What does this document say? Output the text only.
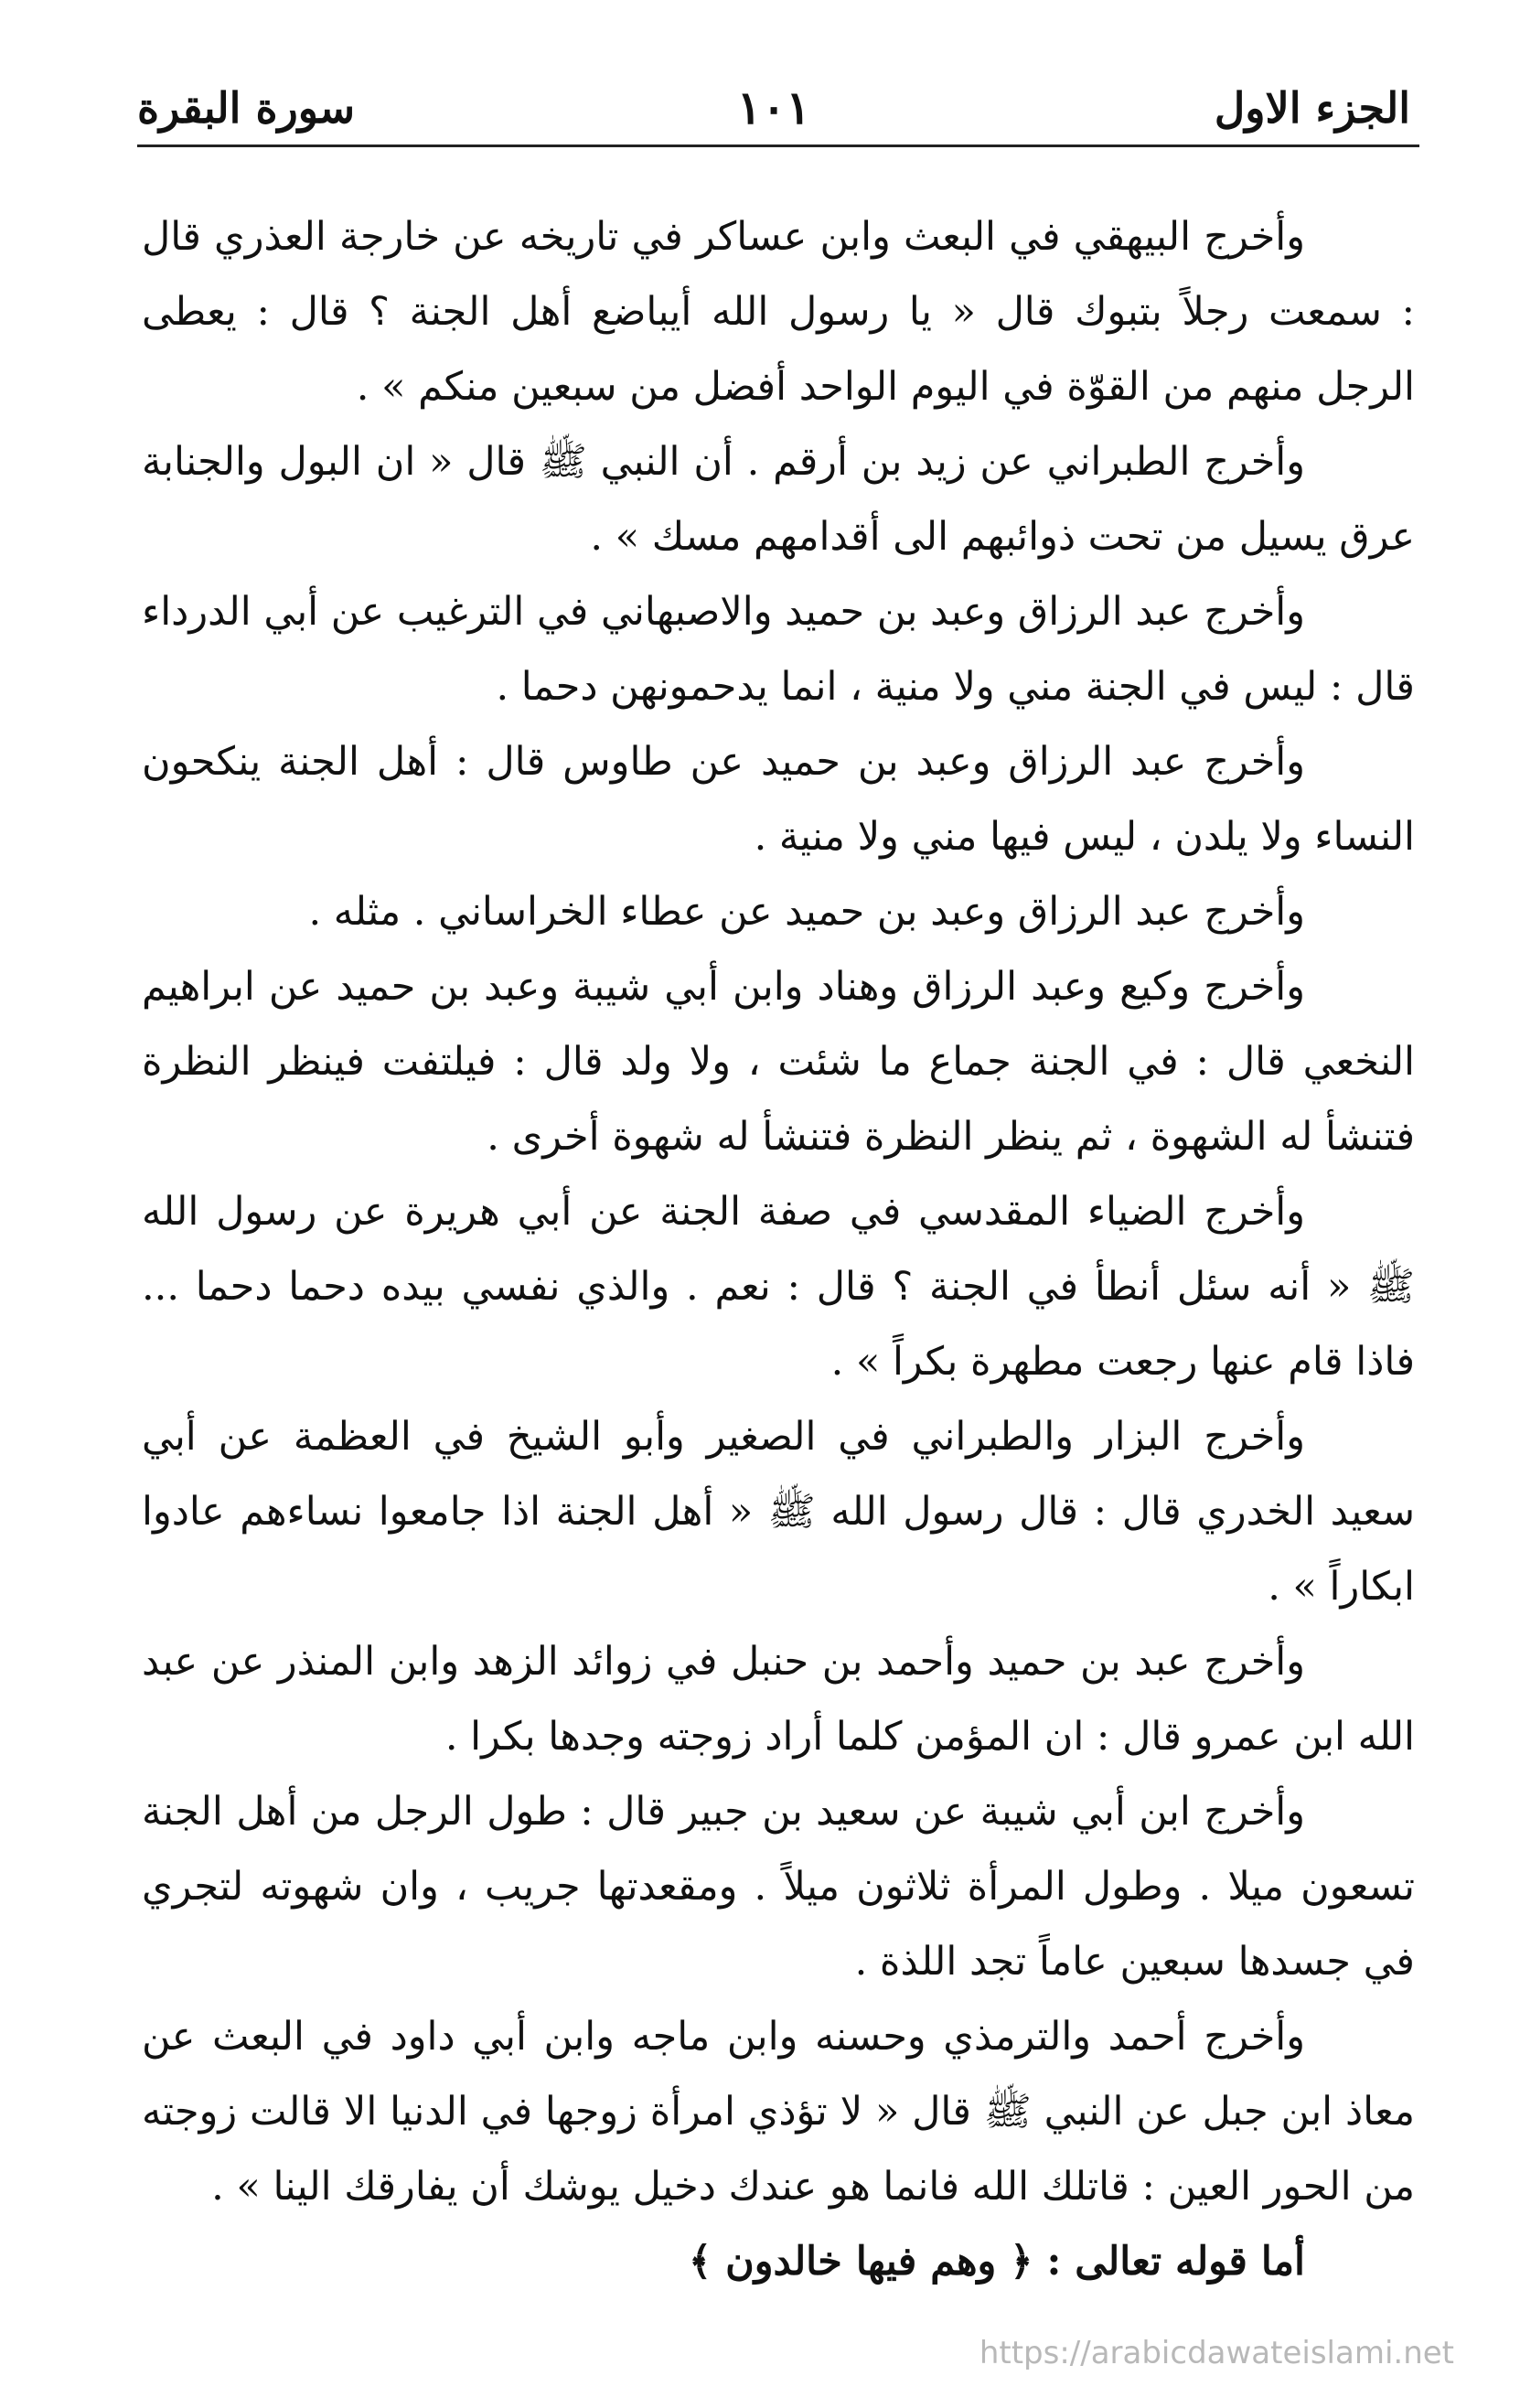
الجزء الاول
١٠١
سورة البقرة

وأخرج البيهقي في البعث وابن عساكر في تاريخه عن خارجة العذري قال : سمعت رجلاً بتبوك قال « يا رسول الله أيباضع أهل الجنة ؟ قال : يعطى الرجل منهم من القوّة في اليوم الواحد أفضل من سبعين منكم » .

وأخرج الطبراني عن زيد بن أرقم . أن النبي ﷺ قال « ان البول والجنابة عرق يسيل من تحت ذوائبهم الى أقدامهم مسك » .

وأخرج عبد الرزاق وعبد بن حميد والاصبهاني في الترغيب عن أبي الدرداء قال : ليس في الجنة مني ولا منية ، انما يدحمونهن دحما .

وأخرج عبد الرزاق وعبد بن حميد عن طاوس قال : أهل الجنة ينكحون النساء ولا يلدن ، ليس فيها مني ولا منية .

وأخرج عبد الرزاق وعبد بن حميد عن عطاء الخراساني . مثله .

وأخرج وكيع وعبد الرزاق وهناد وابن أبي شيبة وعبد بن حميد عن ابراهيم النخعي قال : في الجنة جماع ما شئت ، ولا ولد قال : فيلتفت فينظر النظرة فتنشأ له الشهوة ، ثم ينظر النظرة فتنشأ له شهوة أخرى .

وأخرج الضياء المقدسي في صفة الجنة عن أبي هريرة عن رسول الله ﷺ « أنه سئل أنطأ في الجنة ؟ قال : نعم . والذي نفسي بيده دحما دحما ... فاذا قام عنها رجعت مطهرة بكراً » .

وأخرج البزار والطبراني في الصغير وأبو الشيخ في العظمة عن أبي سعيد الخدري قال : قال رسول الله ﷺ « أهل الجنة اذا جامعوا نساءهم عادوا ابكاراً » .

وأخرج عبد بن حميد وأحمد بن حنبل في زوائد الزهد وابن المنذر عن عبد الله ابن عمرو قال : ان المؤمن كلما أراد زوجته وجدها بكرا .

وأخرج ابن أبي شيبة عن سعيد بن جبير قال : طول الرجل من أهل الجنة تسعون ميلا . وطول المرأة ثلاثون ميلاً . ومقعدتها جريب ، وان شهوته لتجري في جسدها سبعين عاماً تجد اللذة .

وأخرج أحمد والترمذي وحسنه وابن ماجه وابن أبي داود في البعث عن معاذ ابن جبل عن النبي ﷺ قال « لا تؤذي امرأة زوجها في الدنيا الا قالت زوجته من الحور العين : قاتلك الله فانما هو عندك دخيل يوشك أن يفارقك الينا » .

أما قوله تعالى : ﴿ وهم فيها خالدون ﴾

https://arabicdawateislami.net
